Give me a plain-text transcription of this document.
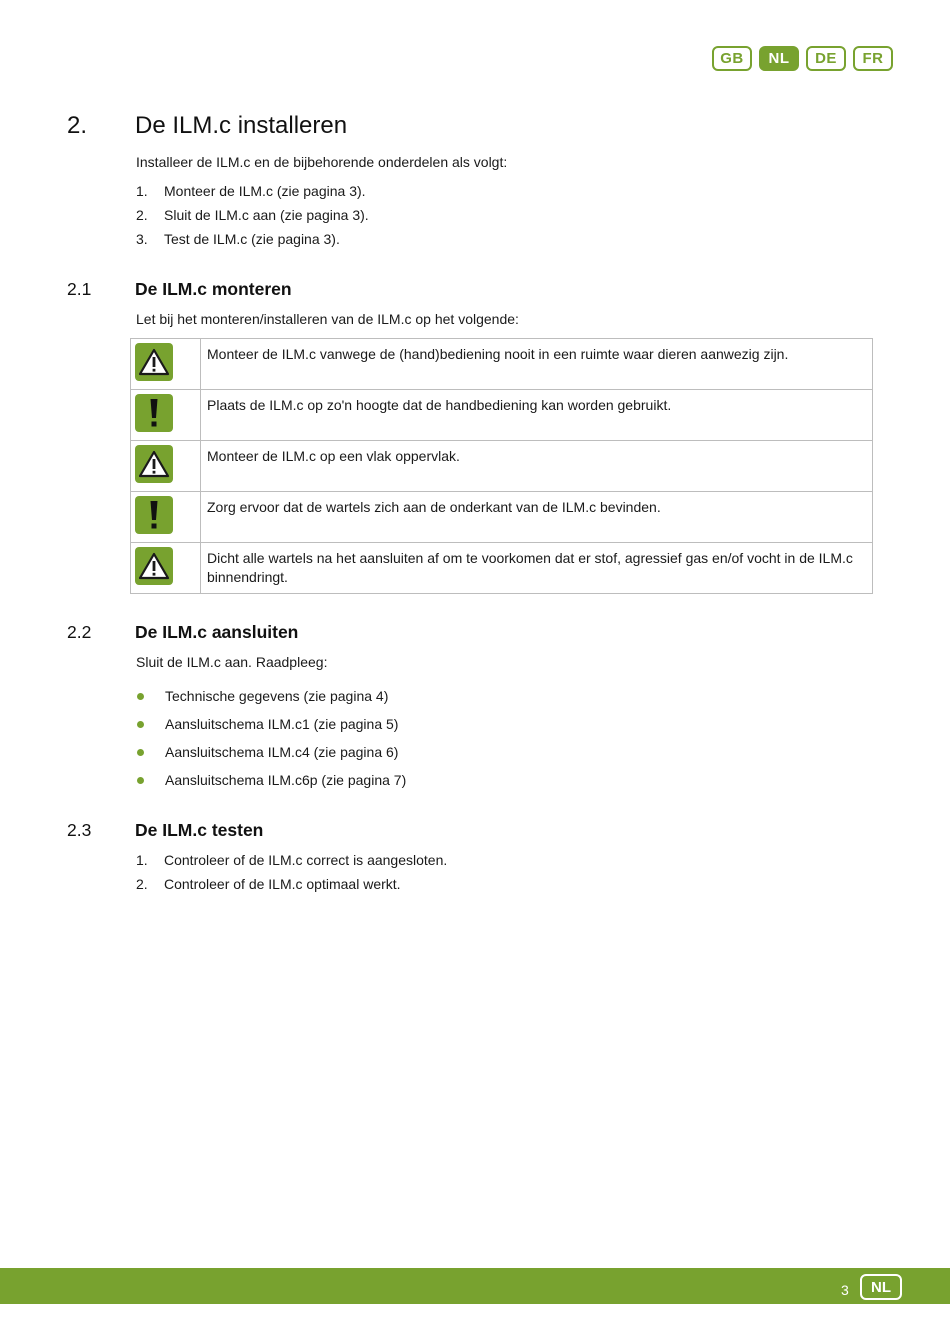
GB	NL	DE	FR
2. De ILM.c installeren

Installeer de ILM.c en de bijbehorende onderdelen als volgt:

1.	Monteer de ILM.c (zie pagina 3).
2.	Sluit de ILM.c aan (zie pagina 3).
3.	Test de ILM.c (zie pagina 3).
2.1 De ILM.c monteren

Let bij het monteren/installeren van de ILM.c op het volgende:

	Monteer de ILM.c vanwege de (hand)bediening nooit in een ruimte waar dieren aanwezig zijn.

	Plaats de ILM.c op zo'n hoogte dat de handbediening kan worden gebruikt.

	Monteer de ILM.c op een vlak oppervlak.

	Zorg ervoor dat de wartels zich aan de onderkant van de ILM.c bevinden.

	Dicht alle wartels na het aansluiten af om te voorkomen dat er stof, agressief gas en/of vocht in de ILM.c binnendringt.
2.2 De ILM.c aansluiten

Sluit de ILM.c aan. Raadpleeg:

Technische gegevens (zie pagina 4)
Aansluitschema ILM.c1 (zie pagina 5)
Aansluitschema ILM.c4 (zie pagina 6)
Aansluitschema ILM.c6p (zie pagina 7)
2.3 De ILM.c testen
1.	Controleer of de ILM.c correct is aangesloten.
2.	Controleer of de ILM.c optimaal werkt.
3	NL
